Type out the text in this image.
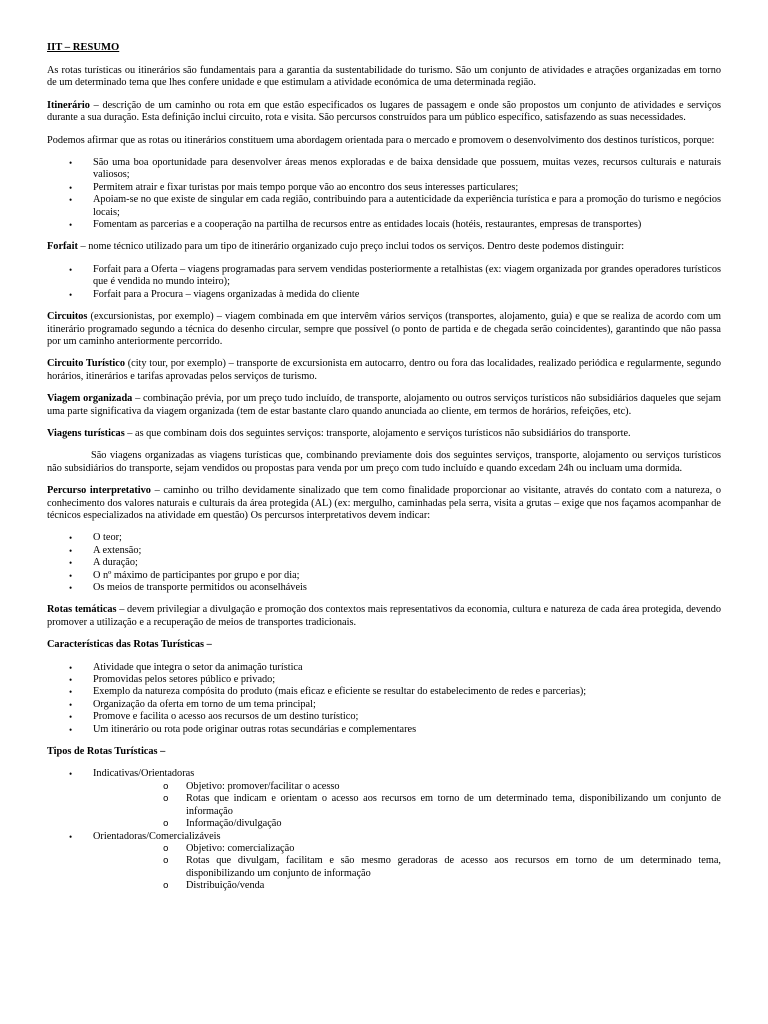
IIT – RESUMO

As rotas turísticas ou itinerários são fundamentais para a garantia da sustentabilidade do turismo. São um conjunto de atividades e atrações organizadas em torno de um determinado tema que lhes confere unidade e que estimulam a atividade económica de uma determinada região.

Itinerário – descrição de um caminho ou rota em que estão especificados os lugares de passagem e onde são propostos um conjunto de atividades e serviços durante a sua duração. Esta definição inclui circuito, rota e visita. São percursos construídos para um público específico, satisfazendo as suas necessidades.

Podemos afirmar que as rotas ou itinerários constituem uma abordagem orientada para o mercado e promovem o desenvolvimento dos destinos turísticos, porque:

• São uma boa oportunidade para desenvolver áreas menos exploradas e de baixa densidade que possuem, muitas vezes, recursos culturais e naturais valiosos;
• Permitem atrair e fixar turistas por mais tempo porque vão ao encontro dos seus interesses particulares;
• Apoiam-se no que existe de singular em cada região, contribuindo para a autenticidade da experiência turística e para a promoção do turismo e negócios locais;
• Fomentam as parcerias e a cooperação na partilha de recursos entre as entidades locais (hotéis, restaurantes, empresas de transportes)

Forfait – nome técnico utilizado para um tipo de itinerário organizado cujo preço inclui todos os serviços. Dentro deste podemos distinguir:

• Forfait para a Oferta – viagens programadas para servem vendidas posteriormente a retalhistas (ex: viagem organizada por grandes operadores turísticos que é vendida no mundo inteiro);
• Forfait para a Procura – viagens organizadas à medida do cliente

Circuitos (excursionistas, por exemplo) – viagem combinada em que intervêm vários serviços (transportes, alojamento, guia) e que se realiza de acordo com um itinerário programado segundo a técnica do desenho circular, sempre que possível (o ponto de partida e de chegada serão coincidentes), garantindo que não passa por um caminho anteriormente percorrido.

Circuito Turístico (city tour, por exemplo) – transporte de excursionista em autocarro, dentro ou fora das localidades, realizado periódica e regularmente, segundo horários, itinerários e tarifas aprovadas pelos serviços de turismo.

Viagem organizada – combinação prévia, por um preço tudo incluído, de transporte, alojamento ou outros serviços turísticos não subsidiários daqueles que sejam uma parte significativa da viagem organizada (tem de estar bastante claro quando anunciada ao cliente, em termos de horários, refeições, etc).

Viagens turísticas – as que combinam dois dos seguintes serviços: transporte, alojamento e serviços turísticos não subsidiários do transporte.

São viagens organizadas as viagens turísticas que, combinando previamente dois dos seguintes serviços, transporte, alojamento ou serviços turísticos não subsidiários do transporte, sejam vendidos ou propostas para venda por um preço com tudo incluído e quando excedam 24h ou incluam uma dormida.

Percurso interpretativo – caminho ou trilho devidamente sinalizado que tem como finalidade proporcionar ao visitante, através do contato com a natureza, o conhecimento dos valores naturais e culturais da área protegida (AL) (ex: mergulho, caminhadas pela serra, visita a grutas – exige que nos façamos acompanhar de técnicos especializados na atividade em questão) Os percursos interpretativos devem indicar:

• O teor;
• A extensão;
• A duração;
• O nº máximo de participantes por grupo e por dia;
• Os meios de transporte permitidos ou aconselháveis

Rotas temáticas – devem privilegiar a divulgação e promoção dos contextos mais representativos da economia, cultura e natureza de cada área protegida, devendo promover a utilização e a recuperação de meios de transportes tradicionais.

Características das Rotas Turísticas –
• Atividade que integra o setor da animação turística
• Promovidas pelos setores público e privado;
• Exemplo da natureza compósita do produto (mais eficaz e eficiente se resultar do estabelecimento de redes e parcerias);
• Organização da oferta em torno de um tema principal;
• Promove e facilita o acesso aos recursos de um destino turístico;
• Um itinerário ou rota pode originar outras rotas secundárias e complementares
Tipos de Rotas Turísticas –
• Indicativas/Orientadoras
o Objetivo: promover/facilitar o acesso
o Rotas que indicam e orientam o acesso aos recursos em torno de um determinado tema, disponibilizando um conjunto de informação
o Informação/divulgação
• Orientadoras/Comercializáveis
o Objetivo: comercialização
o Rotas que divulgam, facilitam e são mesmo geradoras de acesso aos recursos em torno de um determinado tema, disponibilizando um conjunto de informação
o Distribuição/venda
